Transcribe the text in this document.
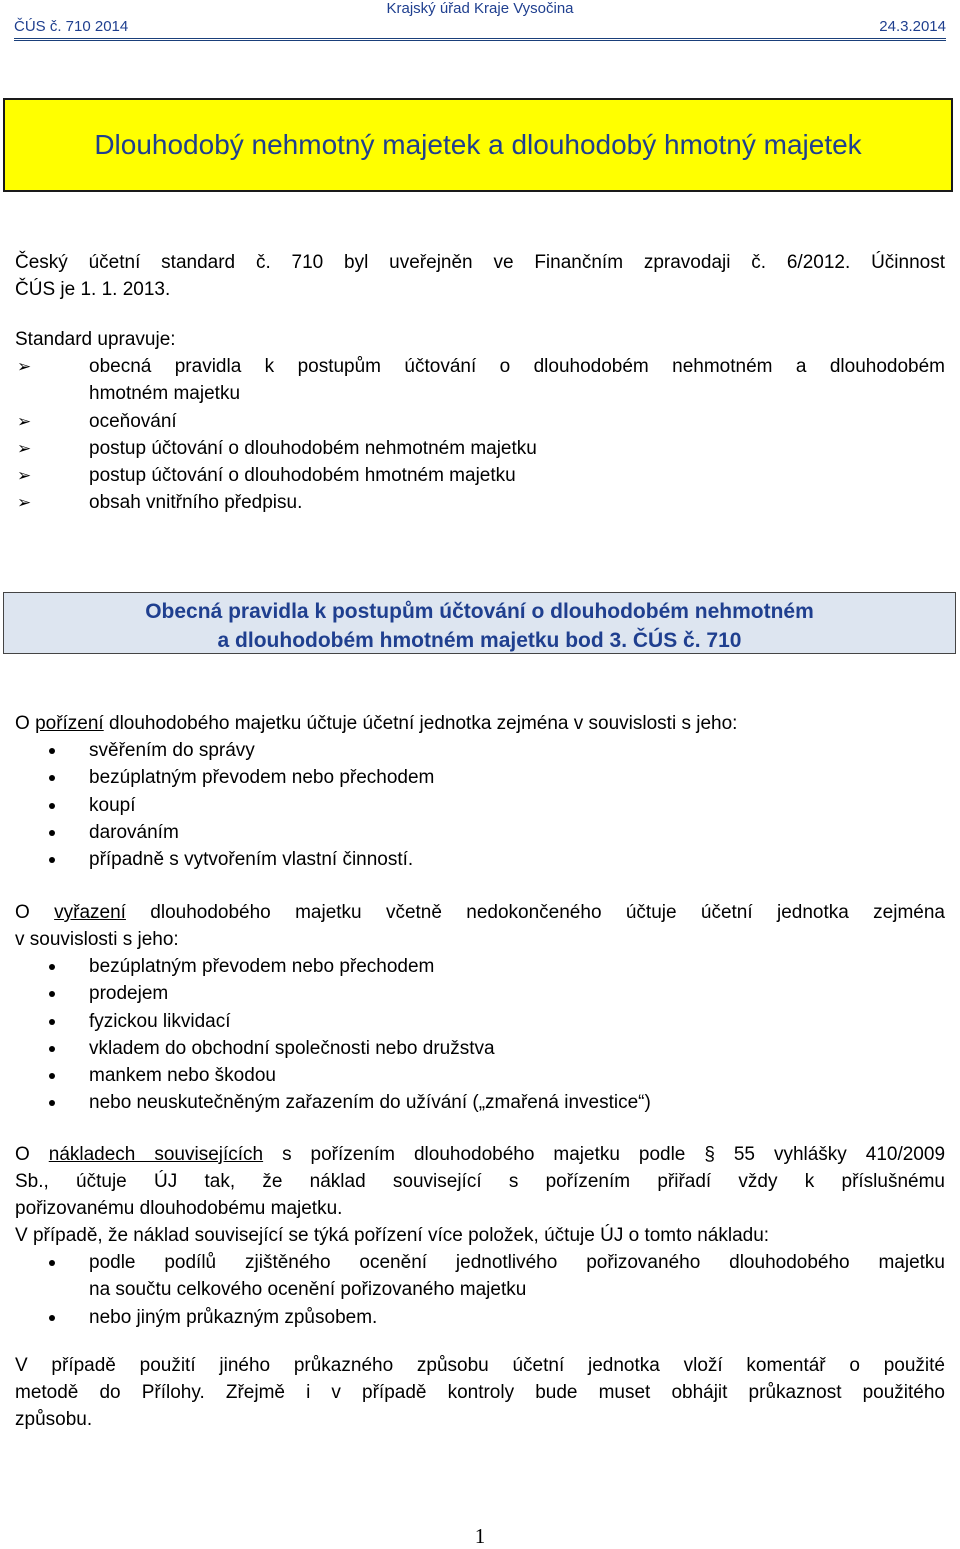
Krajský úřad Kraje Vysočina
ČÚS č. 710 2014	24.3.2014
Dlouhodobý nehmotný majetek a dlouhodobý hmotný majetek
Český účetní standard č. 710 byl uveřejněn ve Finančním zpravodaji č. 6/2012. Účinnost
ČÚS je 1. 1. 2013.
Standard upravuje:
➢	obecná pravidla k postupům účtování o dlouhodobém nehmotném a dlouhodobém
hmotném majetku
➢	oceňování
➢	postup účtování o dlouhodobém nehmotném majetku
➢	postup účtování o dlouhodobém hmotném majetku
➢	obsah vnitřního předpisu.
Obecná pravidla k postupům účtování o dlouhodobém nehmotném
a dlouhodobém hmotném majetku bod 3. ČÚS č. 710
O pořízení dlouhodobého majetku účtuje účetní jednotka zejména v souvislosti s jeho:
svěřením do správy
bezúplatným převodem nebo přechodem
koupí
darováním
případně s vytvořením vlastní činností.
O vyřazení dlouhodobého majetku včetně nedokončeného účtuje účetní jednotka zejména
v souvislosti s jeho:
bezúplatným převodem nebo přechodem
prodejem
fyzickou likvidací
vkladem do obchodní společnosti nebo družstva
mankem nebo škodou
nebo neuskutečněným zařazením do užívání („zmařená investice“)
O nákladech souvisejících s pořízením dlouhodobého majetku podle § 55 vyhlášky 410/2009
Sb., účtuje ÚJ tak, že náklad související s pořízením přiřadí vždy k příslušnému
pořizovanému dlouhodobému majetku.
V případě, že náklad související se týká pořízení více položek, účtuje ÚJ o tomto nákladu:
podle podílů zjištěného ocenění jednotlivého pořizovaného dlouhodobého majetku
na součtu celkového ocenění pořizovaného majetku
nebo jiným průkazným způsobem.
V případě použití jiného průkazného způsobu účetní jednotka vloží komentář o použité
metodě do Přílohy. Zřejmě i v případě kontroly bude muset obhájit průkaznost použitého
způsobu.
1
